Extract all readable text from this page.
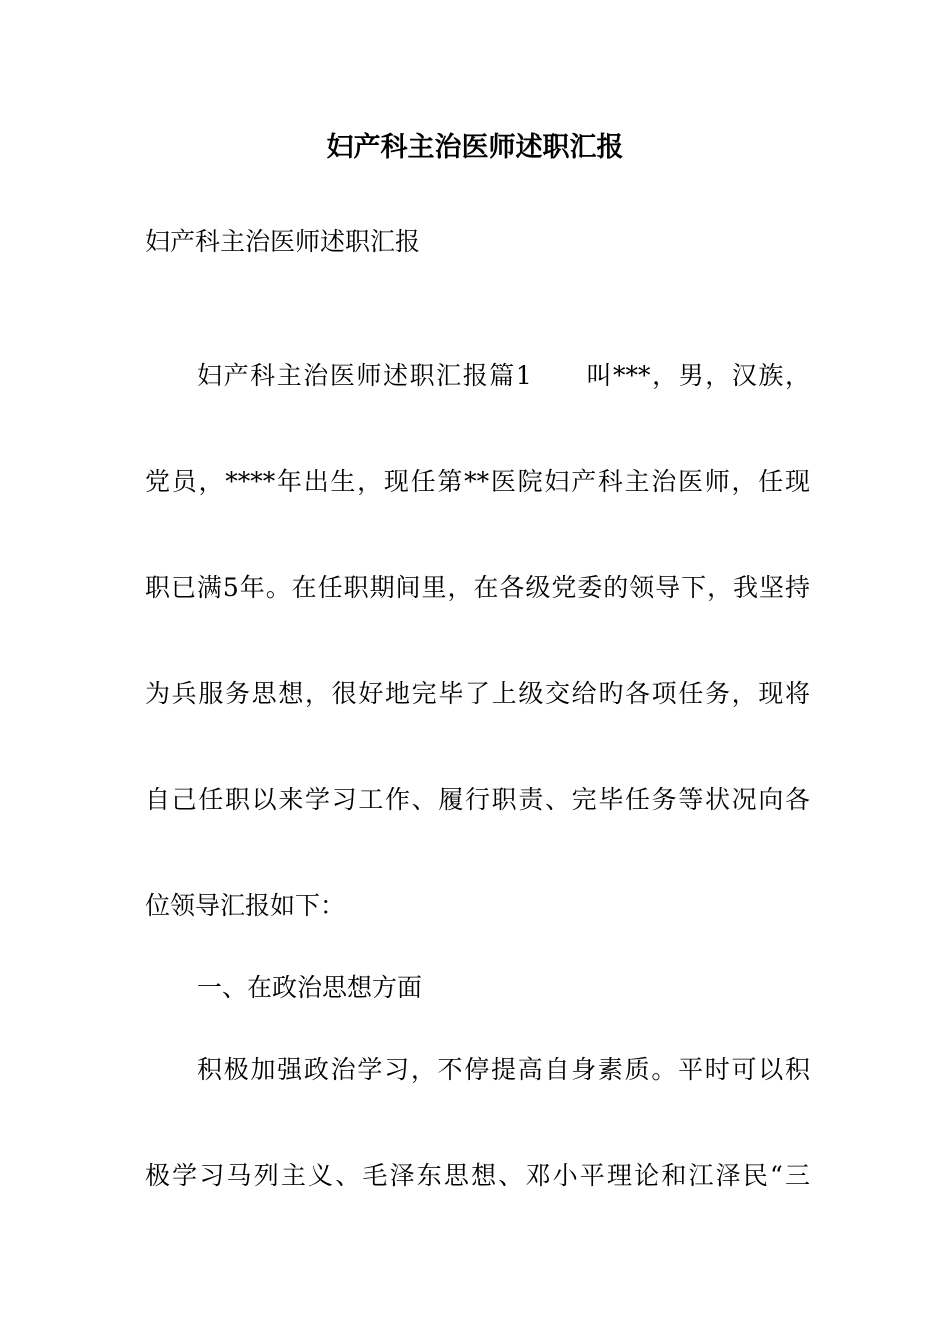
妇产科主治医师述职汇报

妇产科主治医师述职汇报

妇产科主治医师述职汇报篇1　　叫***，男，汉族，

党员，****年出生，现任第**医院妇产科主治医师，任现

职已满5年。在任职期间里，在各级党委的领导下，我坚持

为兵服务思想，很好地完毕了上级交给旳各项任务，现将

自己任职以来学习工作、履行职责、完毕任务等状况向各

位领导汇报如下：

一、在政治思想方面

积极加强政治学习，不停提高自身素质。平时可以积

极学习马列主义、毛泽东思想、邓小平理论和江泽民“三
